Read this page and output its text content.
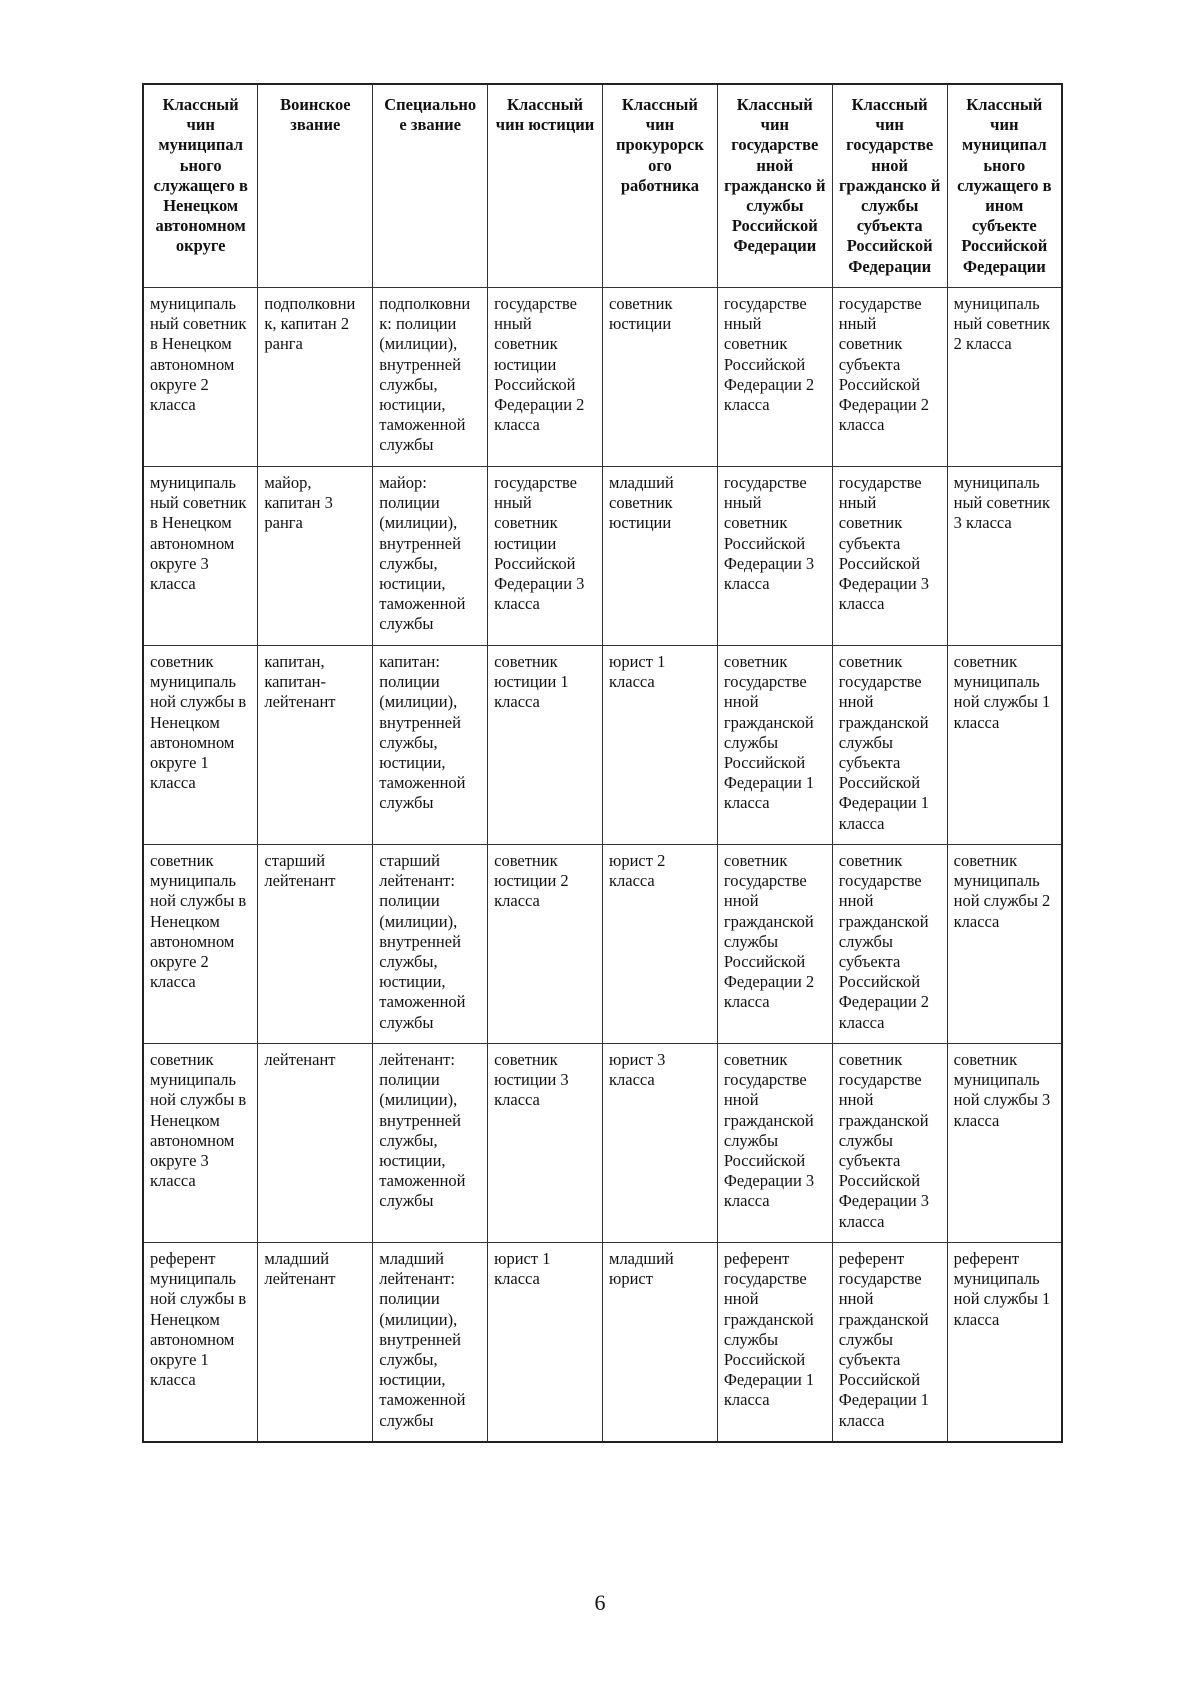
Классный чин муниципал ьного служащего в Ненецком автономном округе	Воинское звание	Специально е звание	Классный чин юстиции	Классный чин прокурорск ого работника	Классный чин государстве нной гражданско й службы Российской Федерации	Классный чин государстве нной гражданско й службы субъекта Российской Федерации	Классный чин муниципал ьного служащего в ином субъекте Российской Федерации
муниципаль ный советник в Ненецком автономном округе 2 класса	подполковни к, капитан 2 ранга	подполковни к: полиции (милиции), внутренней службы, юстиции, таможенной службы	государстве нный советник юстиции Российской Федерации 2 класса	советник юстиции	государстве нный советник Российской Федерации 2 класса	государстве нный советник субъекта Российской Федерации 2 класса	муниципаль ный советник 2 класса
муниципаль ный советник в Ненецком автономном округе 3 класса	майор, капитан 3 ранга	майор: полиции (милиции), внутренней службы, юстиции, таможенной службы	государстве нный советник юстиции Российской Федерации 3 класса	младший советник юстиции	государстве нный советник Российской Федерации 3 класса	государстве нный советник субъекта Российской Федерации 3 класса	муниципаль ный советник 3 класса
советник муниципаль ной службы в Ненецком автономном округе 1 класса	капитан, капитан-лейтенант	капитан: полиции (милиции), внутренней службы, юстиции, таможенной службы	советник юстиции 1 класса	юрист 1 класса	советник государстве нной гражданской службы Российской Федерации 1 класса	советник государстве нной гражданской службы субъекта Российской Федерации 1 класса	советник муниципаль ной службы 1 класса
советник муниципаль ной службы в Ненецком автономном округе 2 класса	старший лейтенант	старший лейтенант: полиции (милиции), внутренней службы, юстиции, таможенной службы	советник юстиции 2 класса	юрист 2 класса	советник государстве нной гражданской службы Российской Федерации 2 класса	советник государстве нной гражданской службы субъекта Российской Федерации 2 класса	советник муниципаль ной службы 2 класса
советник муниципаль ной службы в Ненецком автономном округе 3 класса	лейтенант	лейтенант: полиции (милиции), внутренней службы, юстиции, таможенной службы	советник юстиции 3 класса	юрист 3 класса	советник государстве нной гражданской службы Российской Федерации 3 класса	советник государстве нной гражданской службы субъекта Российской Федерации 3 класса	советник муниципаль ной службы 3 класса
референт муниципаль ной службы в Ненецком автономном округе 1 класса	младший лейтенант	младший лейтенант: полиции (милиции), внутренней службы, юстиции, таможенной службы	юрист 1 класса	младший юрист	референт государстве нной гражданской службы Российской Федерации 1 класса	референт государстве нной гражданской службы субъекта Российской Федерации 1 класса	референт муниципаль ной службы 1 класса
6
